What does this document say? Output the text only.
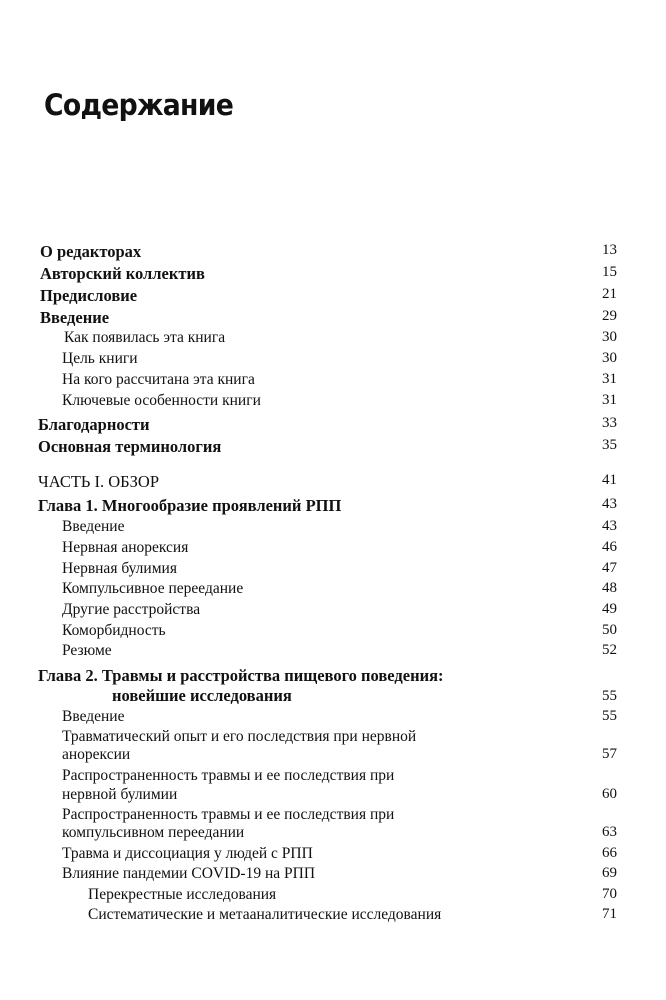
Содержание
О редакторах	13
Авторский коллектив	15
Предисловие	21
Введение	29
Как появилась эта книга	30
Цель книги	30
На кого рассчитана эта книга	31
Ключевые особенности книги	31
Благодарности	33
Основная терминология	35
ЧАСТЬ I. ОБЗОР	41
Глава 1. Многообразие проявлений РПП	43
Введение	43
Нервная анорексия	46
Нервная булимия	47
Компульсивное переедание	48
Другие расстройства	49
Коморбидность	50
Резюме	52
Глава 2. Травмы и расстройства пищевого поведения:
новейшие исследования	55
Введение	55
Травматический опыт и его последствия при нервной
анорексии	57
Распространенность травмы и ее последствия при
нервной булимии	60
Распространенность травмы и ее последствия при
компульсивном переедании	63
Травма и диссоциация у людей с РПП	66
Влияние пандемии COVID-19 на РПП	69
Перекрестные исследования	70
Систематические и метааналитические исследования	71
